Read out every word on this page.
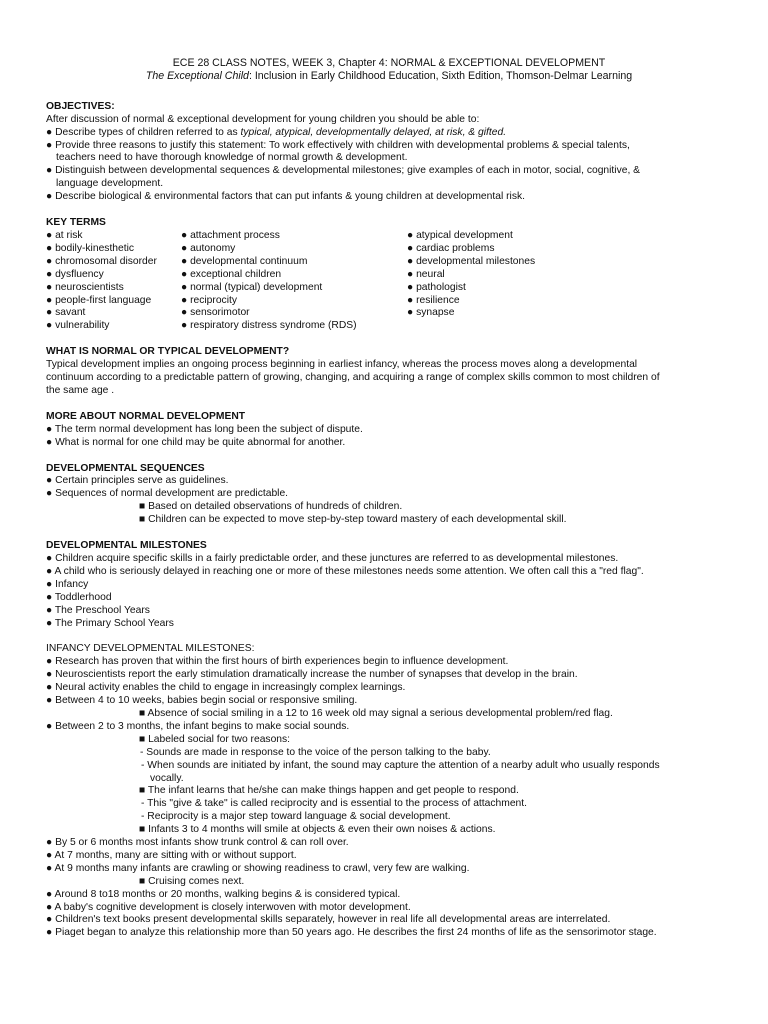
ECE 28 CLASS NOTES, WEEK 3, Chapter 4: NORMAL & EXCEPTIONAL DEVELOPMENT
The Exceptional Child: Inclusion in Early Childhood Education, Sixth Edition, Thomson-Delmar Learning
OBJECTIVES:
After discussion of normal & exceptional development for young children you should be able to:
● Describe types of children referred to as typical, atypical, developmentally delayed, at risk, & gifted.
● Provide three reasons to justify this statement: To work effectively with children with developmental problems & special talents,
teachers need to have thorough knowledge of normal growth & development.
● Distinguish between developmental sequences & developmental milestones; give examples of each in motor, social, cognitive, &
language development.
● Describe biological & environmental factors that can put infants & young children at developmental risk.
KEY TERMS
● at risk
● bodily-kinesthetic
● chromosomal disorder
● dysfluency
● neuroscientists
● people-first language
● savant
● vulnerability
● attachment process
● autonomy
● developmental continuum
● exceptional children
● normal (typical) development
● reciprocity
● sensorimotor
● respiratory distress syndrome (RDS)
● atypical development
● cardiac problems
● developmental milestones
● neural
● pathologist
● resilience
● synapse
WHAT IS NORMAL OR TYPICAL DEVELOPMENT?
Typical development implies an ongoing process beginning in earliest infancy, whereas the process moves along a developmental
continuum according to a predictable pattern of growing, changing, and acquiring a range of complex skills common to most children of
the same age .
MORE ABOUT NORMAL DEVELOPMENT
● The term normal development has long been the subject of dispute.
● What is normal for one child may be quite abnormal for another.
DEVELOPMENTAL SEQUENCES
● Certain principles serve as guidelines.
● Sequences of normal development are predictable.
■ Based on detailed observations of hundreds of children.
■ Children can be expected to move step-by-step toward mastery of each developmental skill.
DEVELOPMENTAL MILESTONES
● Children acquire specific skills in a fairly predictable order, and these junctures are referred to as developmental milestones.
● A child who is seriously delayed in reaching one or more of these milestones needs some attention. We often call this a "red flag".
● Infancy
● Toddlerhood
● The Preschool Years
● The Primary School Years
INFANCY DEVELOPMENTAL MILESTONES:
● Research has proven that within the first hours of birth experiences begin to influence development.
● Neuroscientists report the early stimulation dramatically increase the number of synapses that develop in the brain.
● Neural activity enables the child to engage in increasingly complex learnings.
● Between 4 to 10 weeks, babies begin social or responsive smiling.
■ Absence of social smiling in a 12 to 16 week old may signal a serious developmental problem/red flag.
● Between 2 to 3 months, the infant begins to make social sounds.
■ Labeled social for two reasons:
- Sounds are made in response to the voice of the person talking to the baby.
- When sounds are initiated by infant, the sound may capture the attention of a nearby adult who usually responds
vocally.
■ The infant learns that he/she can make things happen and get people to respond.
- This "give & take" is called reciprocity and is essential to the process of attachment.
- Reciprocity is a major step toward language & social development.
■ Infants 3 to 4 months will smile at objects & even their own noises & actions.
● By 5 or 6 months most infants show trunk control & can roll over.
● At 7 months, many are sitting with or without support.
● At 9 months many infants are crawling or showing readiness to crawl, very few are walking.
■ Cruising comes next.
● Around 8 to18 months or 20 months, walking begins & is considered typical.
● A baby's cognitive development is closely interwoven with motor development.
● Children's text books present developmental skills separately, however in real life all developmental areas are interrelated.
● Piaget began to analyze this relationship more than 50 years ago. He describes the first 24 months of life as the sensorimotor stage.
